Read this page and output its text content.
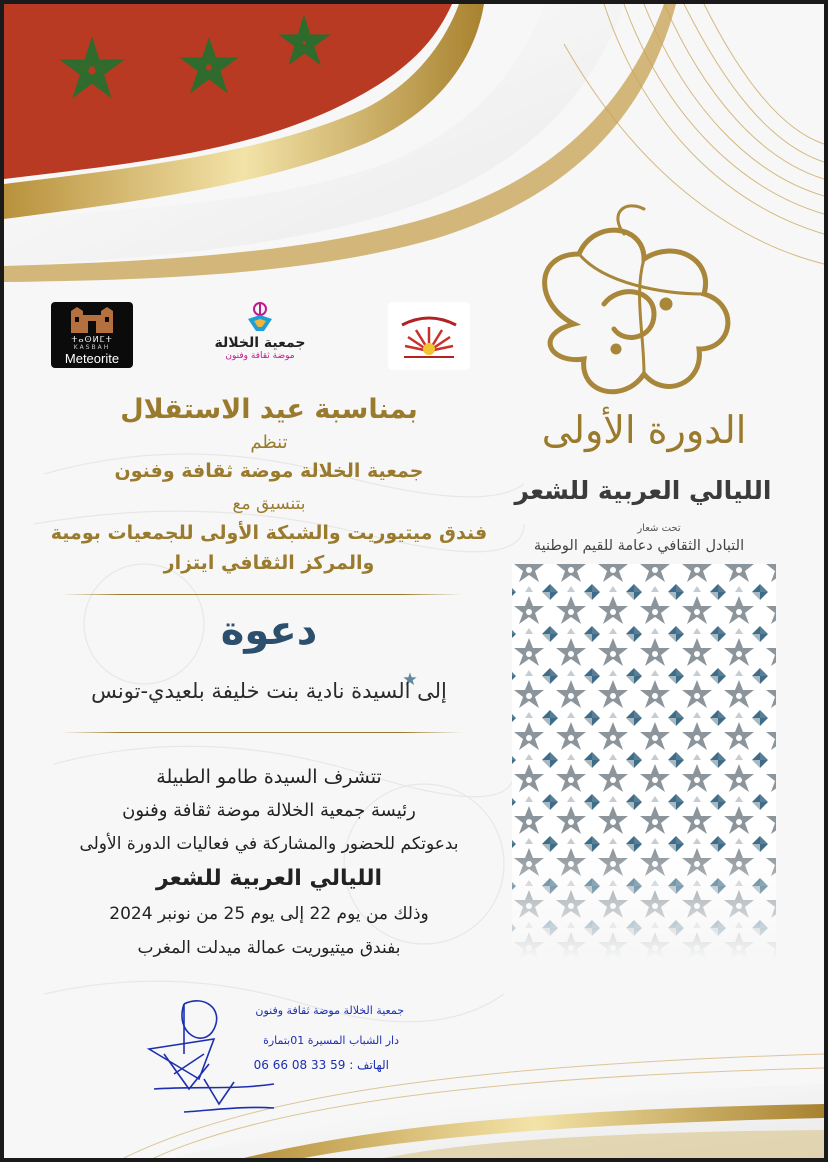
ⵜⴰⵙⵍⵎⵜ
KASBAH
Meteorite
جمعية الخلالة
موضة ثقافة وفنون
الدورة الأولى
الليالي العربية للشعر
تحت شعار
التبادل الثقافي دعامة للقيم الوطنية
بمناسبة عيد الاستقلال
تنظم
جمعية الخلالة موضة ثقافة وفنون
بتنسيق مع
فندق ميتيوريت والشبكة الأولى للجمعيات بومية
والمركز الثقافي ايتزار
دعوة
إلى السيدة نادية بنت خليفة بلعيدي-تونس
تتشرف السيدة طامو الطبيلة
رئيسة جمعية الخلالة موضة ثقافة وفنون
بدعوتكم للحضور والمشاركة في فعاليات الدورة الأولى
الليالي العربية للشعر
وذلك من يوم 22 إلى يوم 25 من نونبر 2024
بفندق ميتيوريت عمالة ميدلت المغرب
جمعية الخلالة موضة ثقافة وفنون
دار الشباب المسيرة 01بتمارة
الهاتف : 59 33 08 66 06
